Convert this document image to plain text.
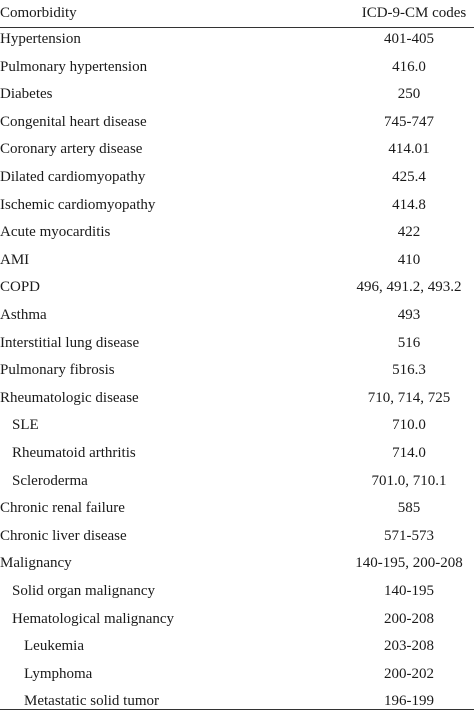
Comorbidity	ICD-9-CM codes
Hypertension	401-405
Pulmonary hypertension	416.0
Diabetes	250
Congenital heart disease	745-747
Coronary artery disease	414.01
Dilated cardiomyopathy	425.4
Ischemic cardiomyopathy	414.8
Acute myocarditis	422
AMI	410
COPD	496, 491.2, 493.2
Asthma	493
Interstitial lung disease	516
Pulmonary fibrosis	516.3
Rheumatologic disease	710, 714, 725
SLE	710.0
Rheumatoid arthritis	714.0
Scleroderma	701.0, 710.1
Chronic renal failure	585
Chronic liver disease	571-573
Malignancy	140-195, 200-208
Solid organ malignancy	140-195
Hematological malignancy	200-208
Leukemia	203-208
Lymphoma	200-202
Metastatic solid tumor	196-199
